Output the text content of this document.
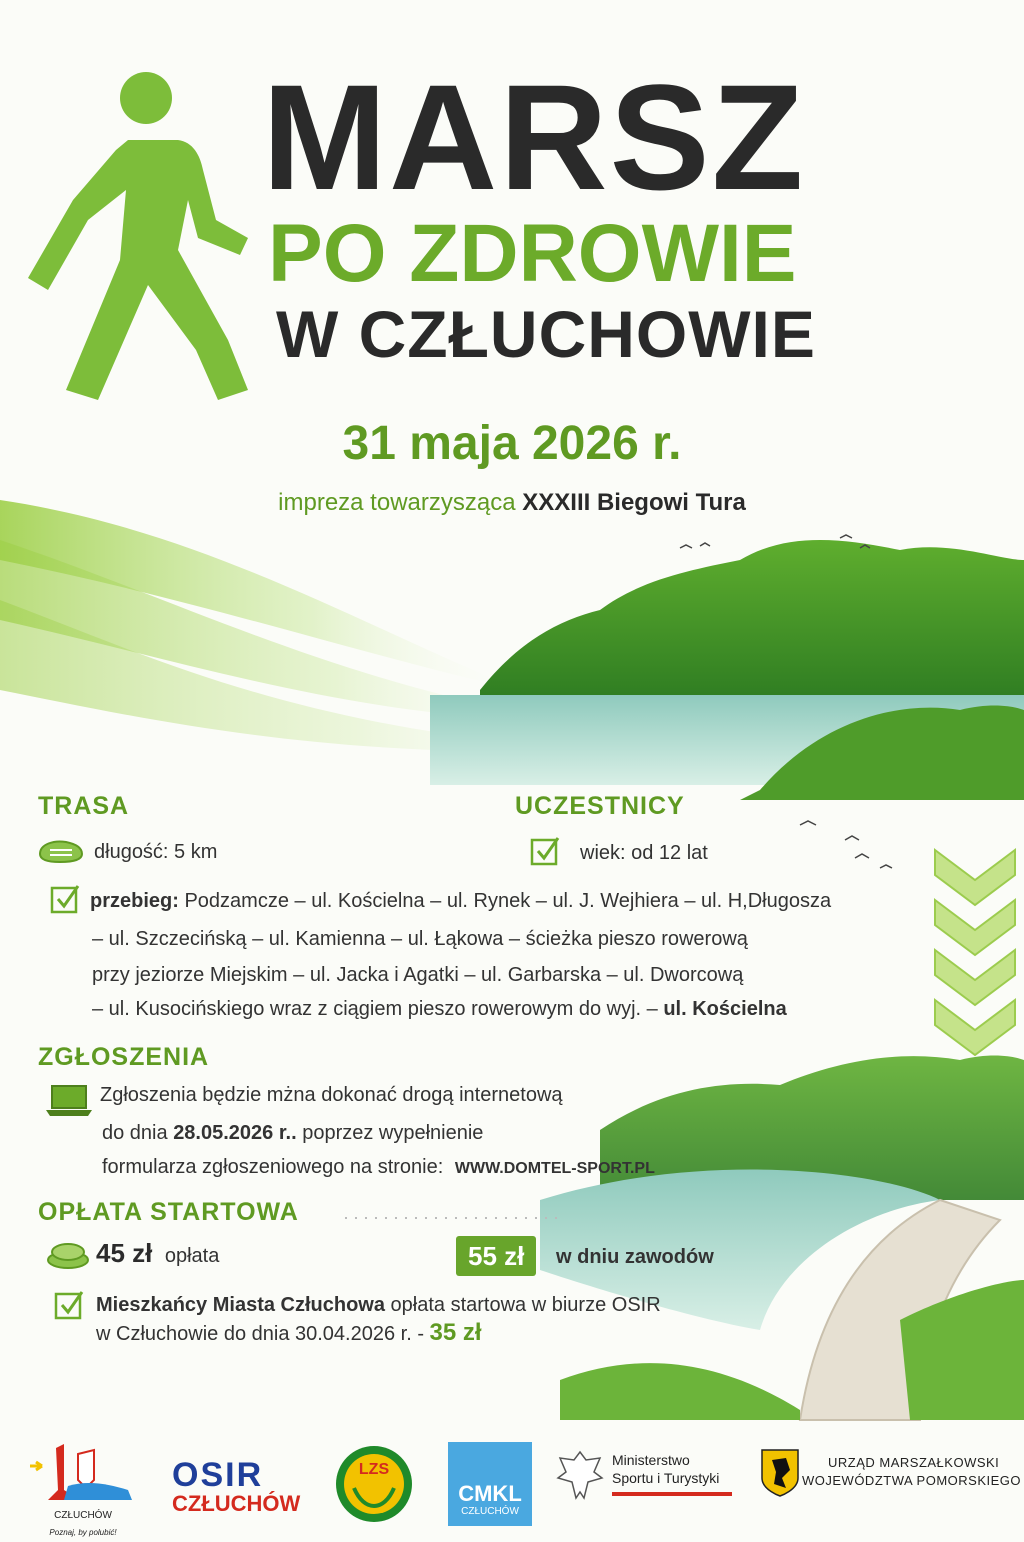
MARSZ
PO ZDROWIE
W CZŁUCHOWIE
31 maja 2026 r.
impreza towarzysząca XXXIII Biegowi Tura
TRASA
długość: 5 km
przebieg: Podzamcze – ul. Kościelna – ul. Rynek – ul. J. Wejhiera – ul. H,Długosza
– ul. Szczecińską – ul. Kamienna – ul. Łąkowa – ścieżka pieszo rowerową
przy jeziorze Miejskim – ul. Jacka i Agatki – ul. Garbarska – ul. Dworcową
– ul. Kusocińskiego wraz z ciągiem pieszo rowerowym do wyj. – ul. Kościelna
UCZESTNICY
wiek: od 12 lat
ZGŁOSZENIA
Zgłoszenia będzie mżna dokonać drogą internetową
do dnia 28.05.2026 r.. poprzez wypełnienie
formularza zgłoszeniowego na stronie: WWW.DOMTEL-SPORT.PL
OPŁATA STARTOWA
45 zł opłata	55 zł	w dniu zawodów
Mieszkańcy Miasta Człuchowa opłata startowa w biurze OSIR
w Człuchowie do dnia 30.04.2026 r. - 35 zł
CZŁUCHÓW
Poznaj, by polubić!
OSIR
CZŁUCHÓW
LZS
CMKL
CZŁUCHÓW
Ministerstwo
Sportu i Turystyki
URZĄD MARSZAŁKOWSKI
WOJEWÓDZTWA POMORSKIEGO
